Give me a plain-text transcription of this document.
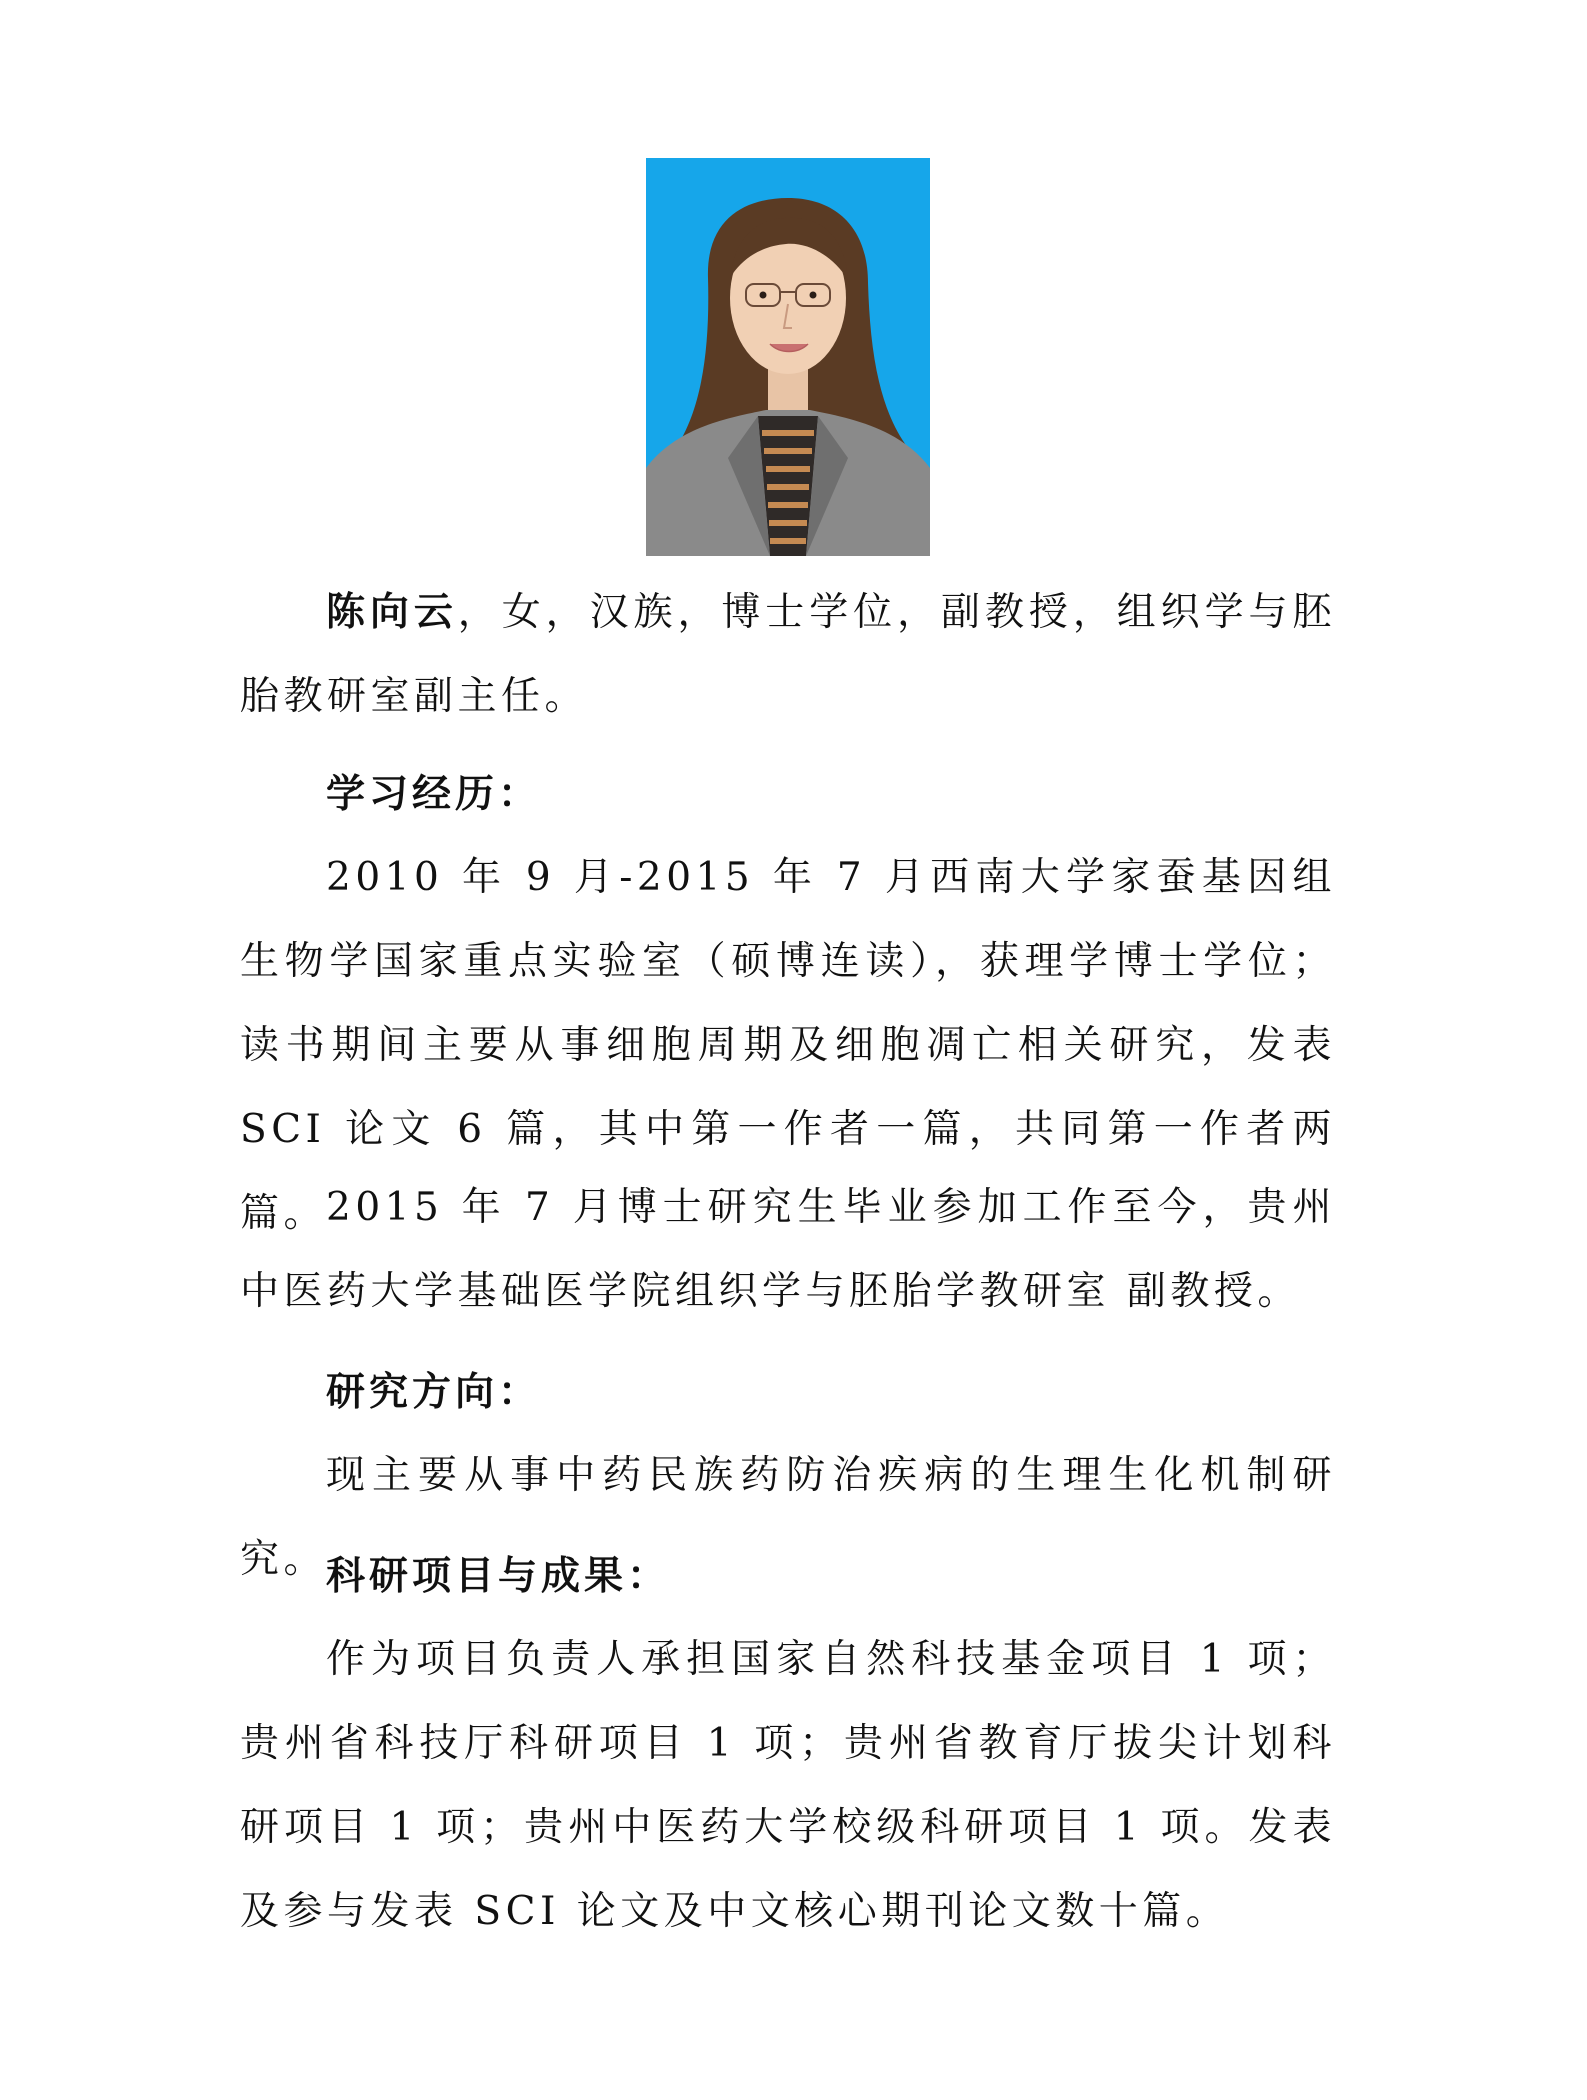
陈向云，女，汉族，博士学位，副教授，组织学与胚胎教研室副主任。
学习经历：
2010 年 9 月-2015 年 7 月西南大学家蚕基因组生物学国家重点实验室（硕博连读），获理学博士学位；读书期间主要从事细胞周期及细胞凋亡相关研究，发表 SCI 论文 6 篇，其中第一作者一篇，共同第一作者两篇。
2015 年 7 月博士研究生毕业参加工作至今，贵州中医药大学基础医学院组织学与胚胎学教研室 副教授。
研究方向：
现主要从事中药民族药防治疾病的生理生化机制研究。
科研项目与成果：
作为项目负责人承担国家自然科技基金项目 1 项；贵州省科技厅科研项目 1 项；贵州省教育厅拔尖计划科研项目 1 项；贵州中医药大学校级科研项目 1 项。发表及参与发表 SCI 论文及中文核心期刊论文数十篇。
